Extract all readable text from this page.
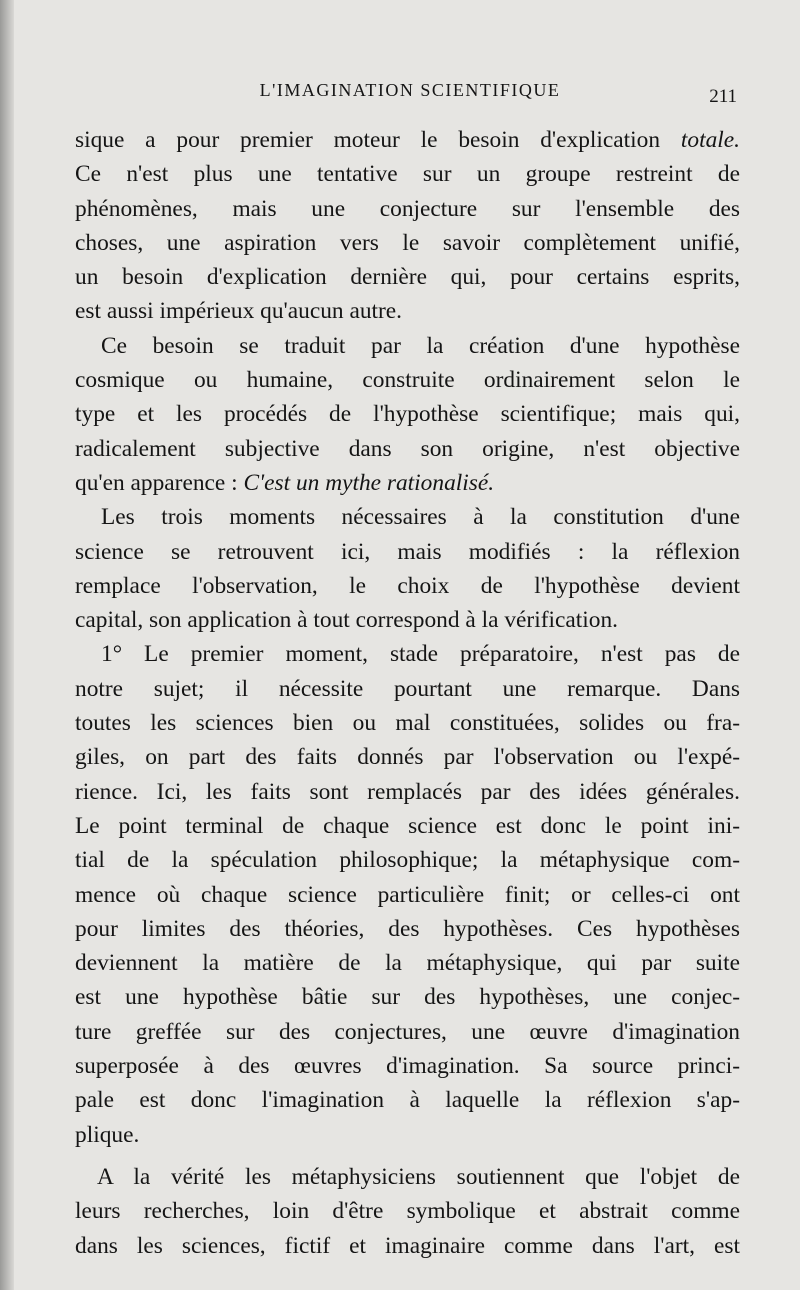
L'IMAGINATION SCIENTIFIQUE	211
sique a pour premier moteur le besoin d'explication totale.
Ce n'est plus une tentative sur un groupe restreint de
phénomènes, mais une conjecture sur l'ensemble des
choses, une aspiration vers le savoir complètement unifié,
un besoin d'explication dernière qui, pour certains esprits,
est aussi impérieux qu'aucun autre.
Ce besoin se traduit par la création d'une hypothèse
cosmique ou humaine, construite ordinairement selon le
type et les procédés de l'hypothèse scientifique; mais qui,
radicalement subjective dans son origine, n'est objective
qu'en apparence : C'est un mythe rationalisé.
Les trois moments nécessaires à la constitution d'une
science se retrouvent ici, mais modifiés : la réflexion
remplace l'observation, le choix de l'hypothèse devient
capital, son application à tout correspond à la vérification.
1° Le premier moment, stade préparatoire, n'est pas de
notre sujet; il nécessite pourtant une remarque. Dans
toutes les sciences bien ou mal constituées, solides ou fra-
giles, on part des faits donnés par l'observation ou l'expé-
rience. Ici, les faits sont remplacés par des idées générales.
Le point terminal de chaque science est donc le point ini-
tial de la spéculation philosophique; la métaphysique com-
mence où chaque science particulière finit; or celles-ci ont
pour limites des théories, des hypothèses. Ces hypothèses
deviennent la matière de la métaphysique, qui par suite
est une hypothèse bâtie sur des hypothèses, une conjec-
ture greffée sur des conjectures, une œuvre d'imagination
superposée à des œuvres d'imagination. Sa source princi-
pale est donc l'imagination à laquelle la réflexion s'ap-
plique.
A la vérité les métaphysiciens soutiennent que l'objet de
leurs recherches, loin d'être symbolique et abstrait comme
dans les sciences, fictif et imaginaire comme dans l'art, est
